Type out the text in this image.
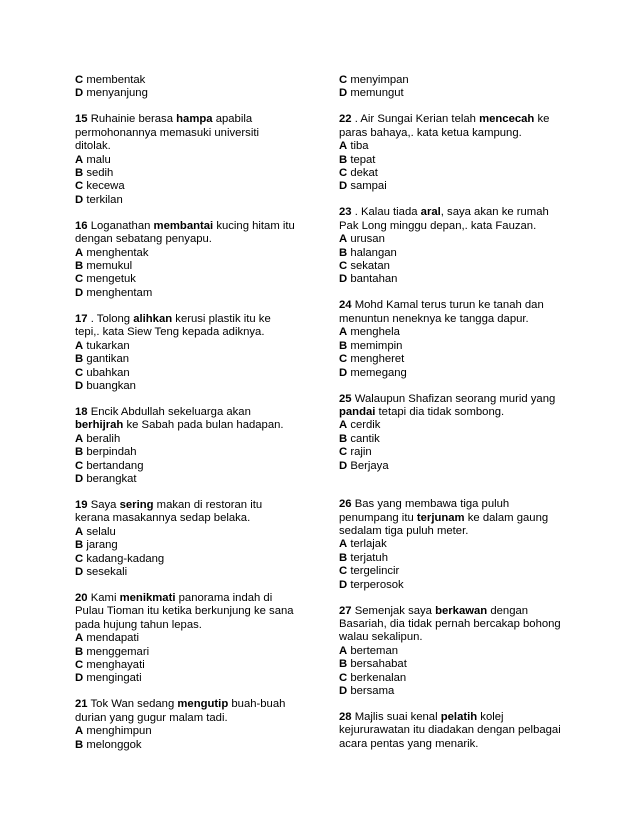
C membentak
D menyanjung
15 Ruhainie berasa hampa apabila
permohonannya memasuki universiti
ditolak.
A malu
B sedih
C kecewa
D terkilan
16 Loganathan membantai kucing hitam itu
dengan sebatang penyapu.
A menghentak
B memukul
C mengetuk
D menghentam
17 . Tolong alihkan kerusi plastik itu ke
tepi,. kata Siew Teng kepada adiknya.
A tukarkan
B gantikan
C ubahkan
D buangkan
18 Encik Abdullah sekeluarga akan
berhijrah ke Sabah pada bulan hadapan.
A beralih
B berpindah
C bertandang
D berangkat
19 Saya sering makan di restoran itu
kerana masakannya sedap belaka.
A selalu
B jarang
C kadang-kadang
D sesekali
20 Kami menikmati panorama indah di
Pulau Tioman itu ketika berkunjung ke sana
pada hujung tahun lepas.
A mendapati
B menggemari
C menghayati
D mengingati
21 Tok Wan sedang mengutip buah-buah
durian yang gugur malam tadi.
A menghimpun
B melonggok
C menyimpan
D memungut
22 . Air Sungai Kerian telah mencecah ke
paras bahaya,. kata ketua kampung.
A tiba
B tepat
C dekat
D sampai
23 . Kalau tiada aral, saya akan ke rumah
Pak Long minggu depan,. kata Fauzan.
A urusan
B halangan
C sekatan
D bantahan
24 Mohd Kamal terus turun ke tanah dan
menuntun neneknya ke tangga dapur.
A menghela
B memimpin
C mengheret
D memegang
25 Walaupun Shafizan seorang murid yang
pandai tetapi dia tidak sombong.
A cerdik
B cantik
C rajin
D Berjaya
26 Bas yang membawa tiga puluh
penumpang itu terjunam ke dalam gaung
sedalam tiga puluh meter.
A terlajak
B terjatuh
C tergelincir
D terperosok
27 Semenjak saya berkawan dengan
Basariah, dia tidak pernah bercakap bohong
walau sekalipun.
A berteman
B bersahabat
C berkenalan
D bersama
28 Majlis suai kenal pelatih kolej
kejururawatan itu diadakan dengan pelbagai
acara pentas yang menarik.
